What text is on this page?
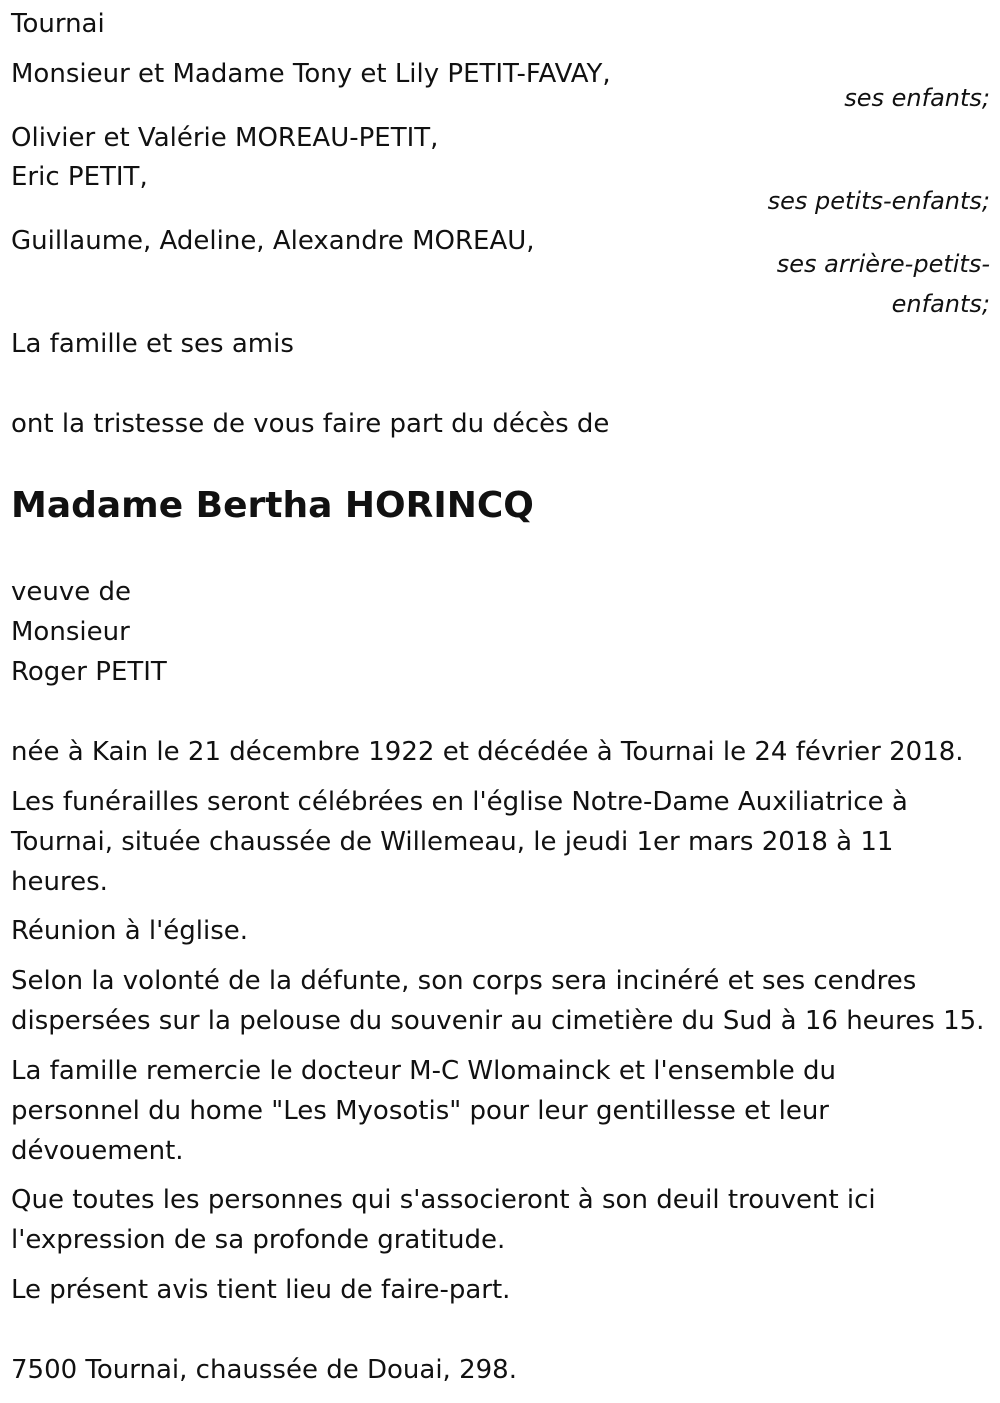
Tournai

Monsieur et Madame Tony et Lily PETIT-FAVAY,

ses enfants;

Olivier et Valérie MOREAU-PETIT,

Eric PETIT,

ses petits-enfants;

Guillaume, Adeline, Alexandre MOREAU,

ses arrière-petits-

enfants;

La famille et ses amis

ont la tristesse de vous faire part du décès de

Madame Bertha HORINCQ

veuve de

Monsieur

Roger PETIT

née à Kain le 21 décembre 1922 et décédée à Tournai le 24 février 2018.

Les funérailles seront célébrées en l'église Notre-Dame Auxiliatrice à

Tournai, située chaussée de Willemeau, le jeudi 1er mars 2018 à 11

heures.

Réunion à l'église.

Selon la volonté de la défunte, son corps sera incinéré et ses cendres

dispersées sur la pelouse du souvenir au cimetière du Sud à 16 heures 15.

La famille remercie le docteur M-C Wlomainck et l'ensemble du

personnel du home "Les Myosotis" pour leur gentillesse et leur

dévouement.

Que toutes les personnes qui s'associeront à son deuil trouvent ici

l'expression de sa profonde gratitude.

Le présent avis tient lieu de faire-part.

7500 Tournai, chaussée de Douai, 298.
